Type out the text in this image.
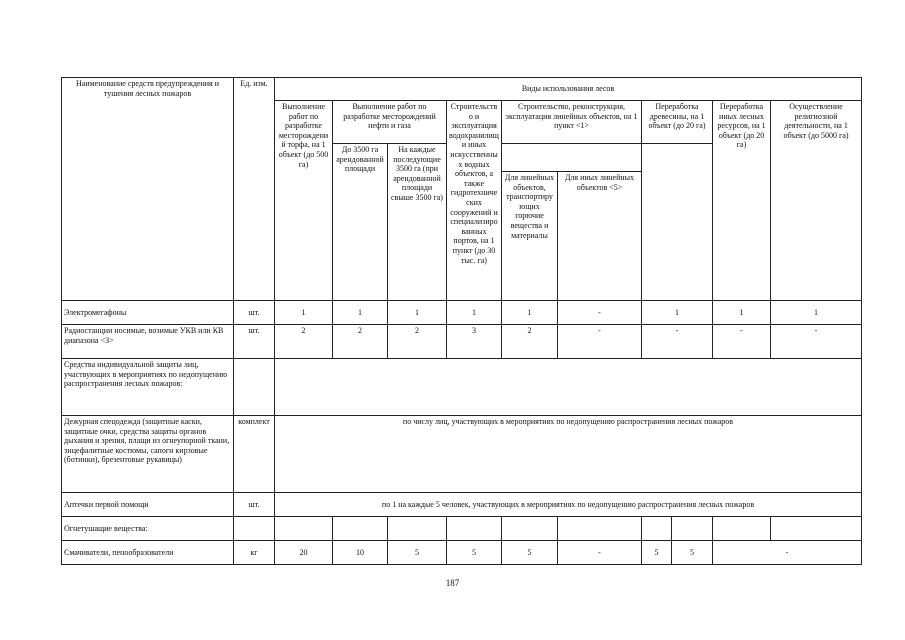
Наименование средств предупреждения и тушения лесных пожаров	Ед. изм.	Виды использования лесов									
		Выполнение работ по разработке месторождений торфа, на 1 объект (до 500 га)	Выполнение работ по разработке месторождений нефти и газа		Строительство и эксплуатация водохранилищ и иных искусственных водных объектов, а также гидротехнических сооружений и специализированных портов, на 1 пункт (до 30 тыс. га)	Строительство, реконструкция, эксплуатация линейных объектов, на 1 пункт <1>		Переработка древесины, на 1 объект (до 20 га)		Переработка иных лесных ресурсов, на 1 объект (до 20 га)	Осуществление религиозной деятельности, на 1 объект (до 5000 га)
			До 3500 га арендованной площади	На каждые последующие 3500 га (при арендованной площади свыше 3500 га)							
						Для линейных объектов, транспортирующих горючие вещества и материалы	Для иных линейных объектов <5>				
Электромегафоны	шт.	1	1	1	1	1	-	1		1	1
Радиостанции носимые, возимые УКВ или КВ диапазона <3>	шт.	2	2	2	3	2	-	-		-	-
Средства индивидуальной защиты лиц, участвующих в мероприятиях по недопущению распространения лесных пожаров:											
Дежурная спецодежда (защитные каски, защитные очки, средства защиты органов дыхания и зрения, плащи из огнеупорной ткани, энцефалитные костюмы, сапоги кирзовые (ботинки), брезентовые рукавицы)	комплект	по числу лиц, участвующих в мероприятиях по недопущению распространения лесных пожаров									
Аптечки первой помощи	шт.	по 1 на каждые 5 человек, участвующих в мероприятиях по недопущению распространения лесных пожаров									
Огнетушащие вещества:											
Смачиватели, пенообразователи	кг	20	10	5	5	5	-	5	5	-	
187
